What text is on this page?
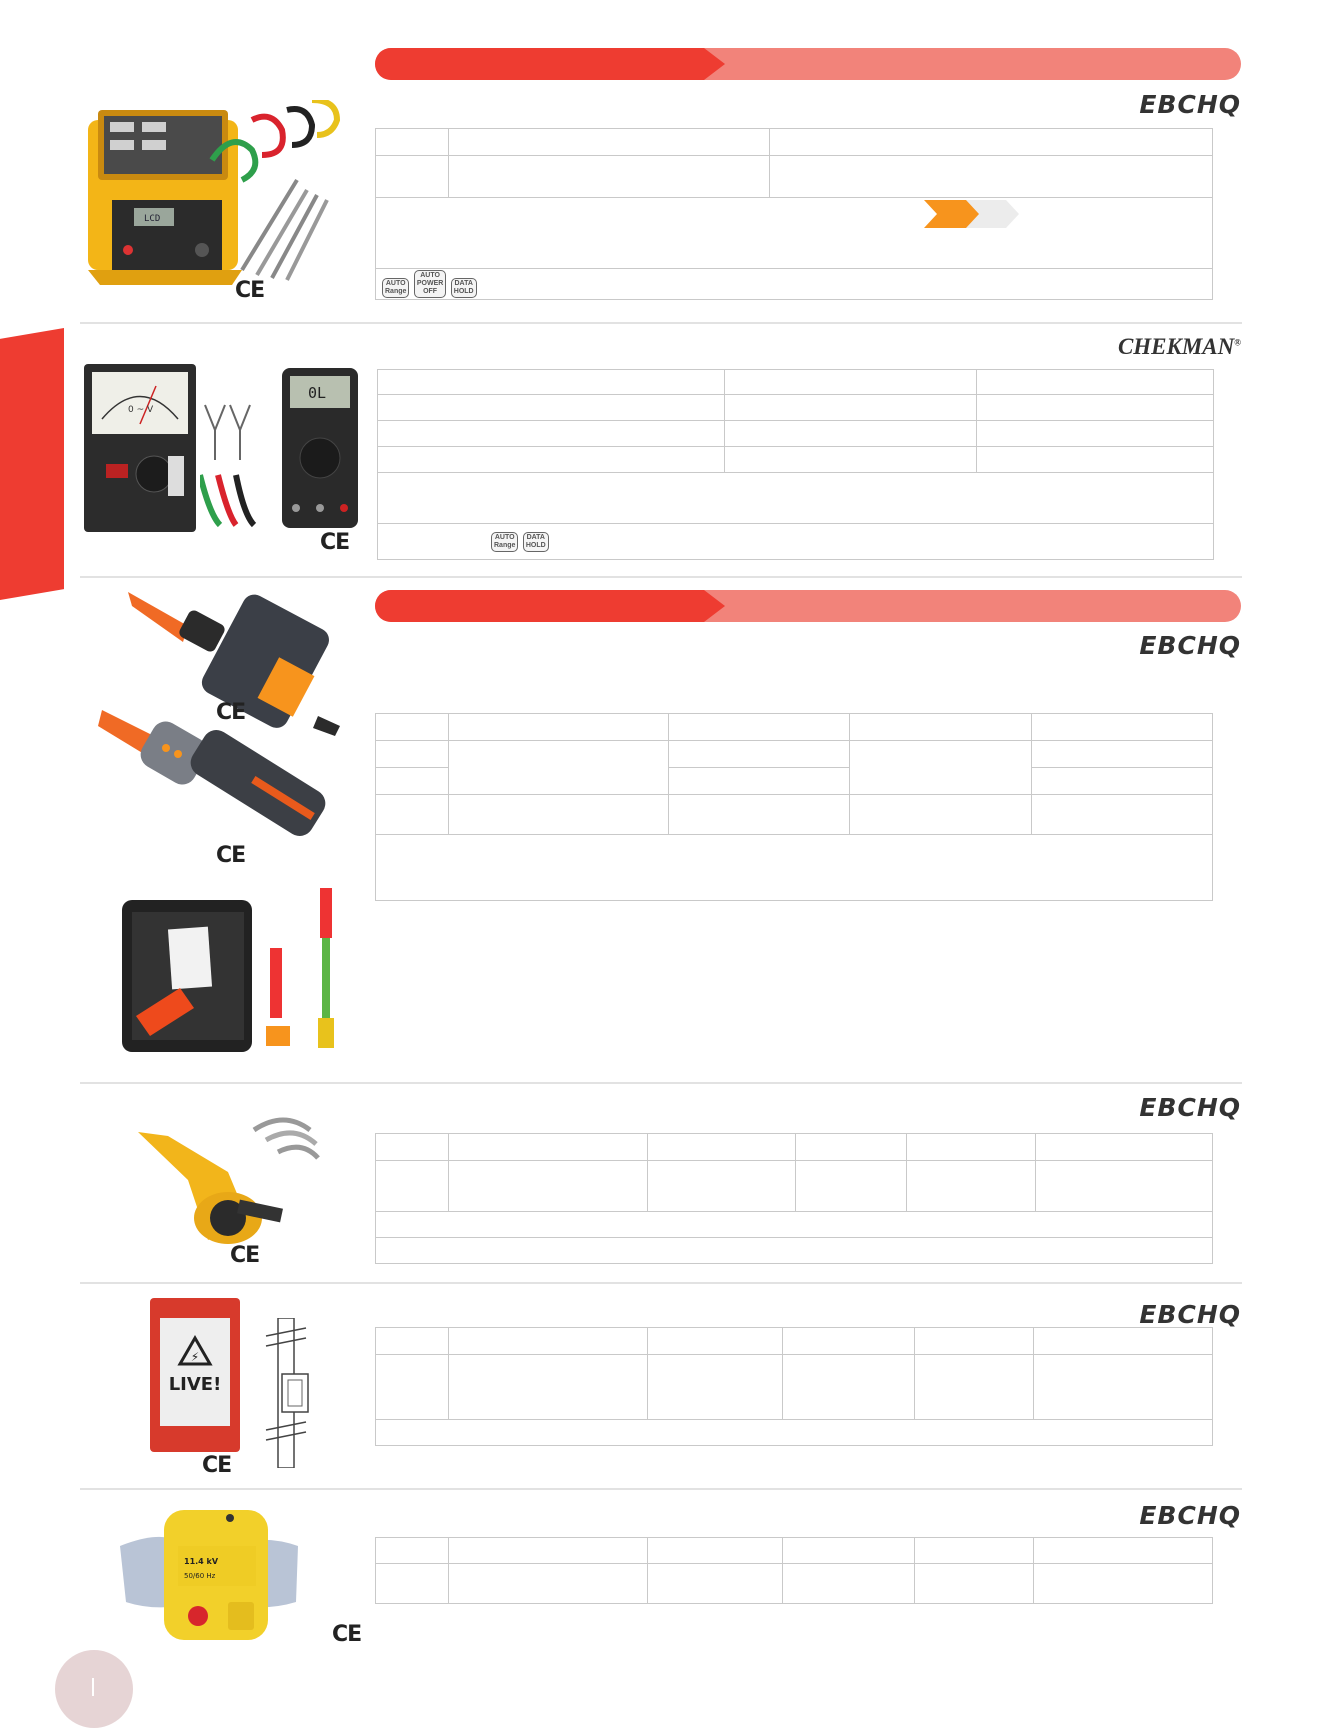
EBCHQ
LCD
CE

			AUTO
Range AUTO
POWER
OFF DATA
HOLD		
CHEKMAN®
0 ~ V
0L
CE

			AUTO
Range DATA
HOLD		
EBCHQ
CE
CE

EBCHQ
CE

EBCHQ
⚡
LIVE!
CE

EBCHQ
11.4 kV
50/60 Hz
CE
